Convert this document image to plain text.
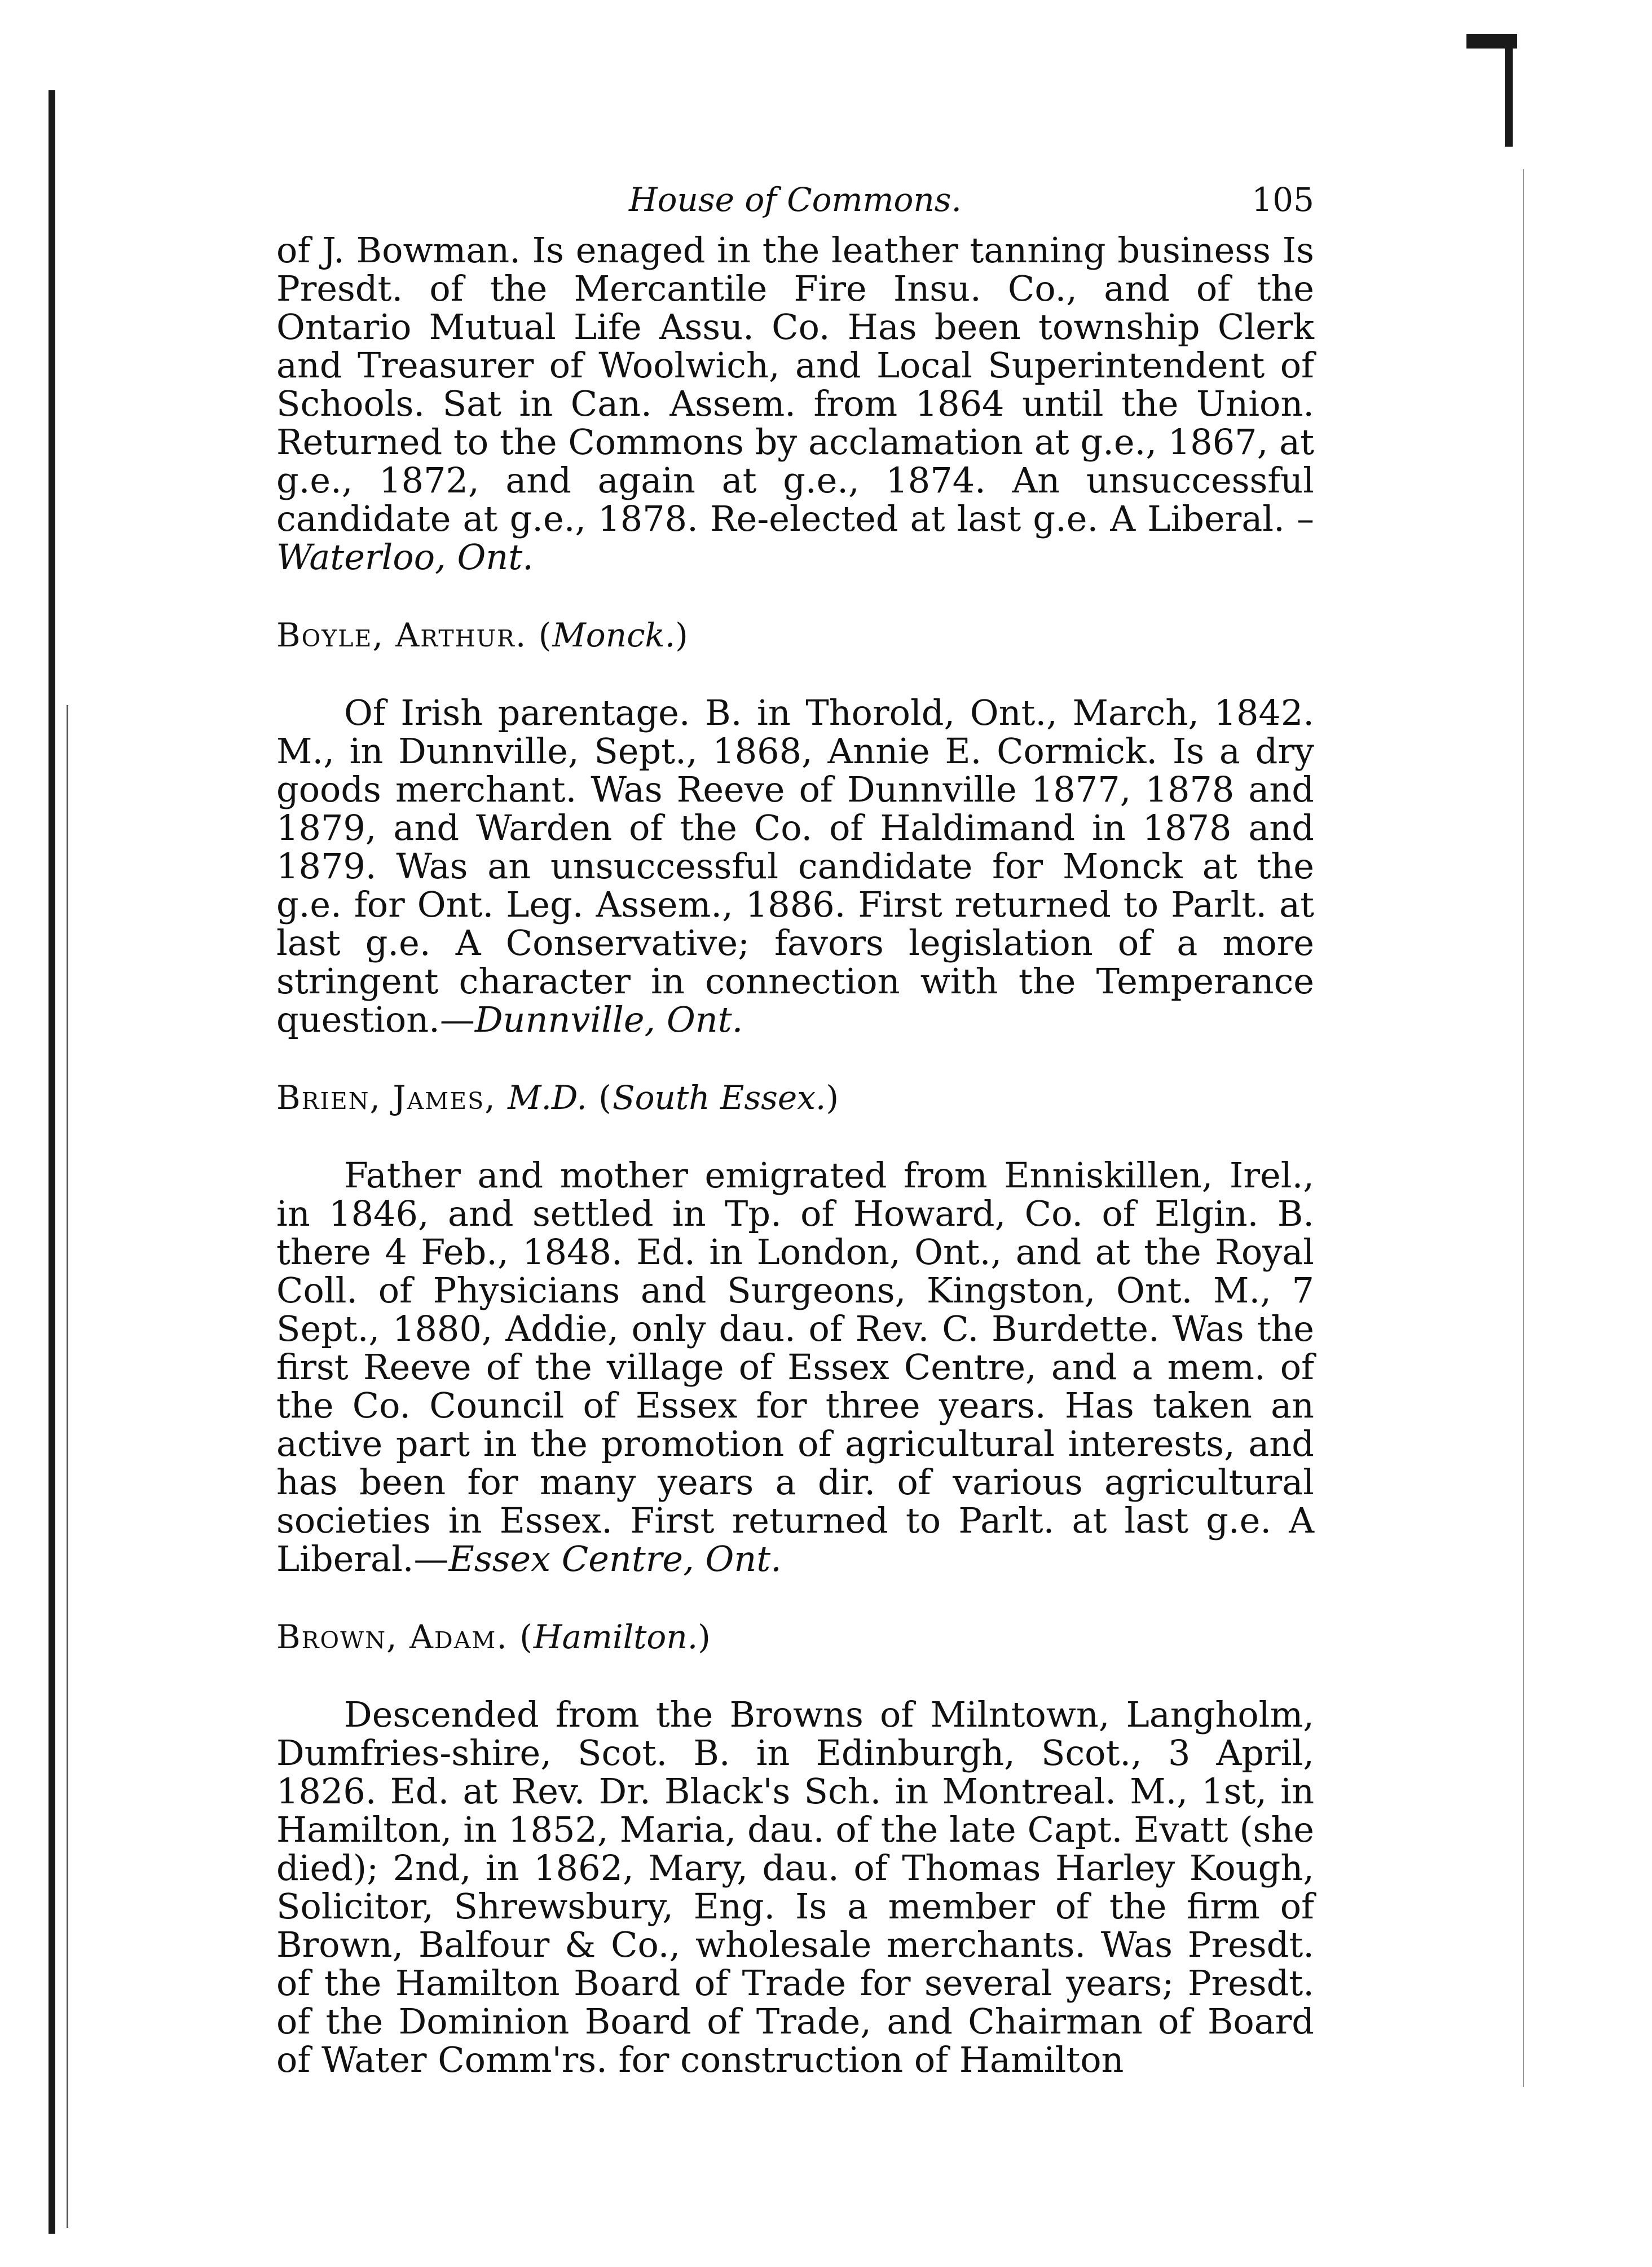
House of Commons.	105

of J. Bowman. Is enaged in the leather tanning business Is Presdt. of the Mercantile Fire Insu. Co., and of the Ontario Mutual Life Assu. Co. Has been township Clerk and Treasurer of Woolwich, and Local Superintendent of Schools. Sat in Can. Assem. from 1864 until the Union. Returned to the Commons by acclamation at g.e., 1867, at g.e., 1872, and again at g.e., 1874. An unsuccessful candidate at g.e., 1878. Re-elected at last g.e. A Liberal. – Waterloo, Ont.

Boyle, Arthur. (Monck.)

Of Irish parentage. B. in Thorold, Ont., March, 1842. M., in Dunnville, Sept., 1868, Annie E. Cormick. Is a dry goods merchant. Was Reeve of Dunnville 1877, 1878 and 1879, and Warden of the Co. of Haldimand in 1878 and 1879. Was an unsuccessful candidate for Monck at the g.e. for Ont. Leg. Assem., 1886. First returned to Parlt. at last g.e. A Conservative; favors legislation of a more stringent character in connection with the Temperance question.—Dunnville, Ont.

Brien, James, M.D. (South Essex.)

Father and mother emigrated from Enniskillen, Irel., in 1846, and settled in Tp. of Howard, Co. of Elgin. B. there 4 Feb., 1848. Ed. in London, Ont., and at the Royal Coll. of Physicians and Surgeons, Kingston, Ont. M., 7 Sept., 1880, Addie, only dau. of Rev. C. Burdette. Was the first Reeve of the village of Essex Centre, and a mem. of the Co. Council of Essex for three years. Has taken an active part in the promotion of agricultural interests, and has been for many years a dir. of various agricultural societies in Essex. First returned to Parlt. at last g.e. A Liberal.—Essex Centre, Ont.

Brown, Adam. (Hamilton.)

Descended from the Browns of Milntown, Langholm, Dumfries-shire, Scot. B. in Edinburgh, Scot., 3 April, 1826. Ed. at Rev. Dr. Black's Sch. in Montreal. M., 1st, in Hamilton, in 1852, Maria, dau. of the late Capt. Evatt (she died); 2nd, in 1862, Mary, dau. of Thomas Harley Kough, Solicitor, Shrewsbury, Eng. Is a member of the firm of Brown, Balfour & Co., wholesale merchants. Was Presdt. of the Hamilton Board of Trade for several years; Presdt. of the Dominion Board of Trade, and Chairman of Board of Water Comm'rs. for construction of Hamilton
